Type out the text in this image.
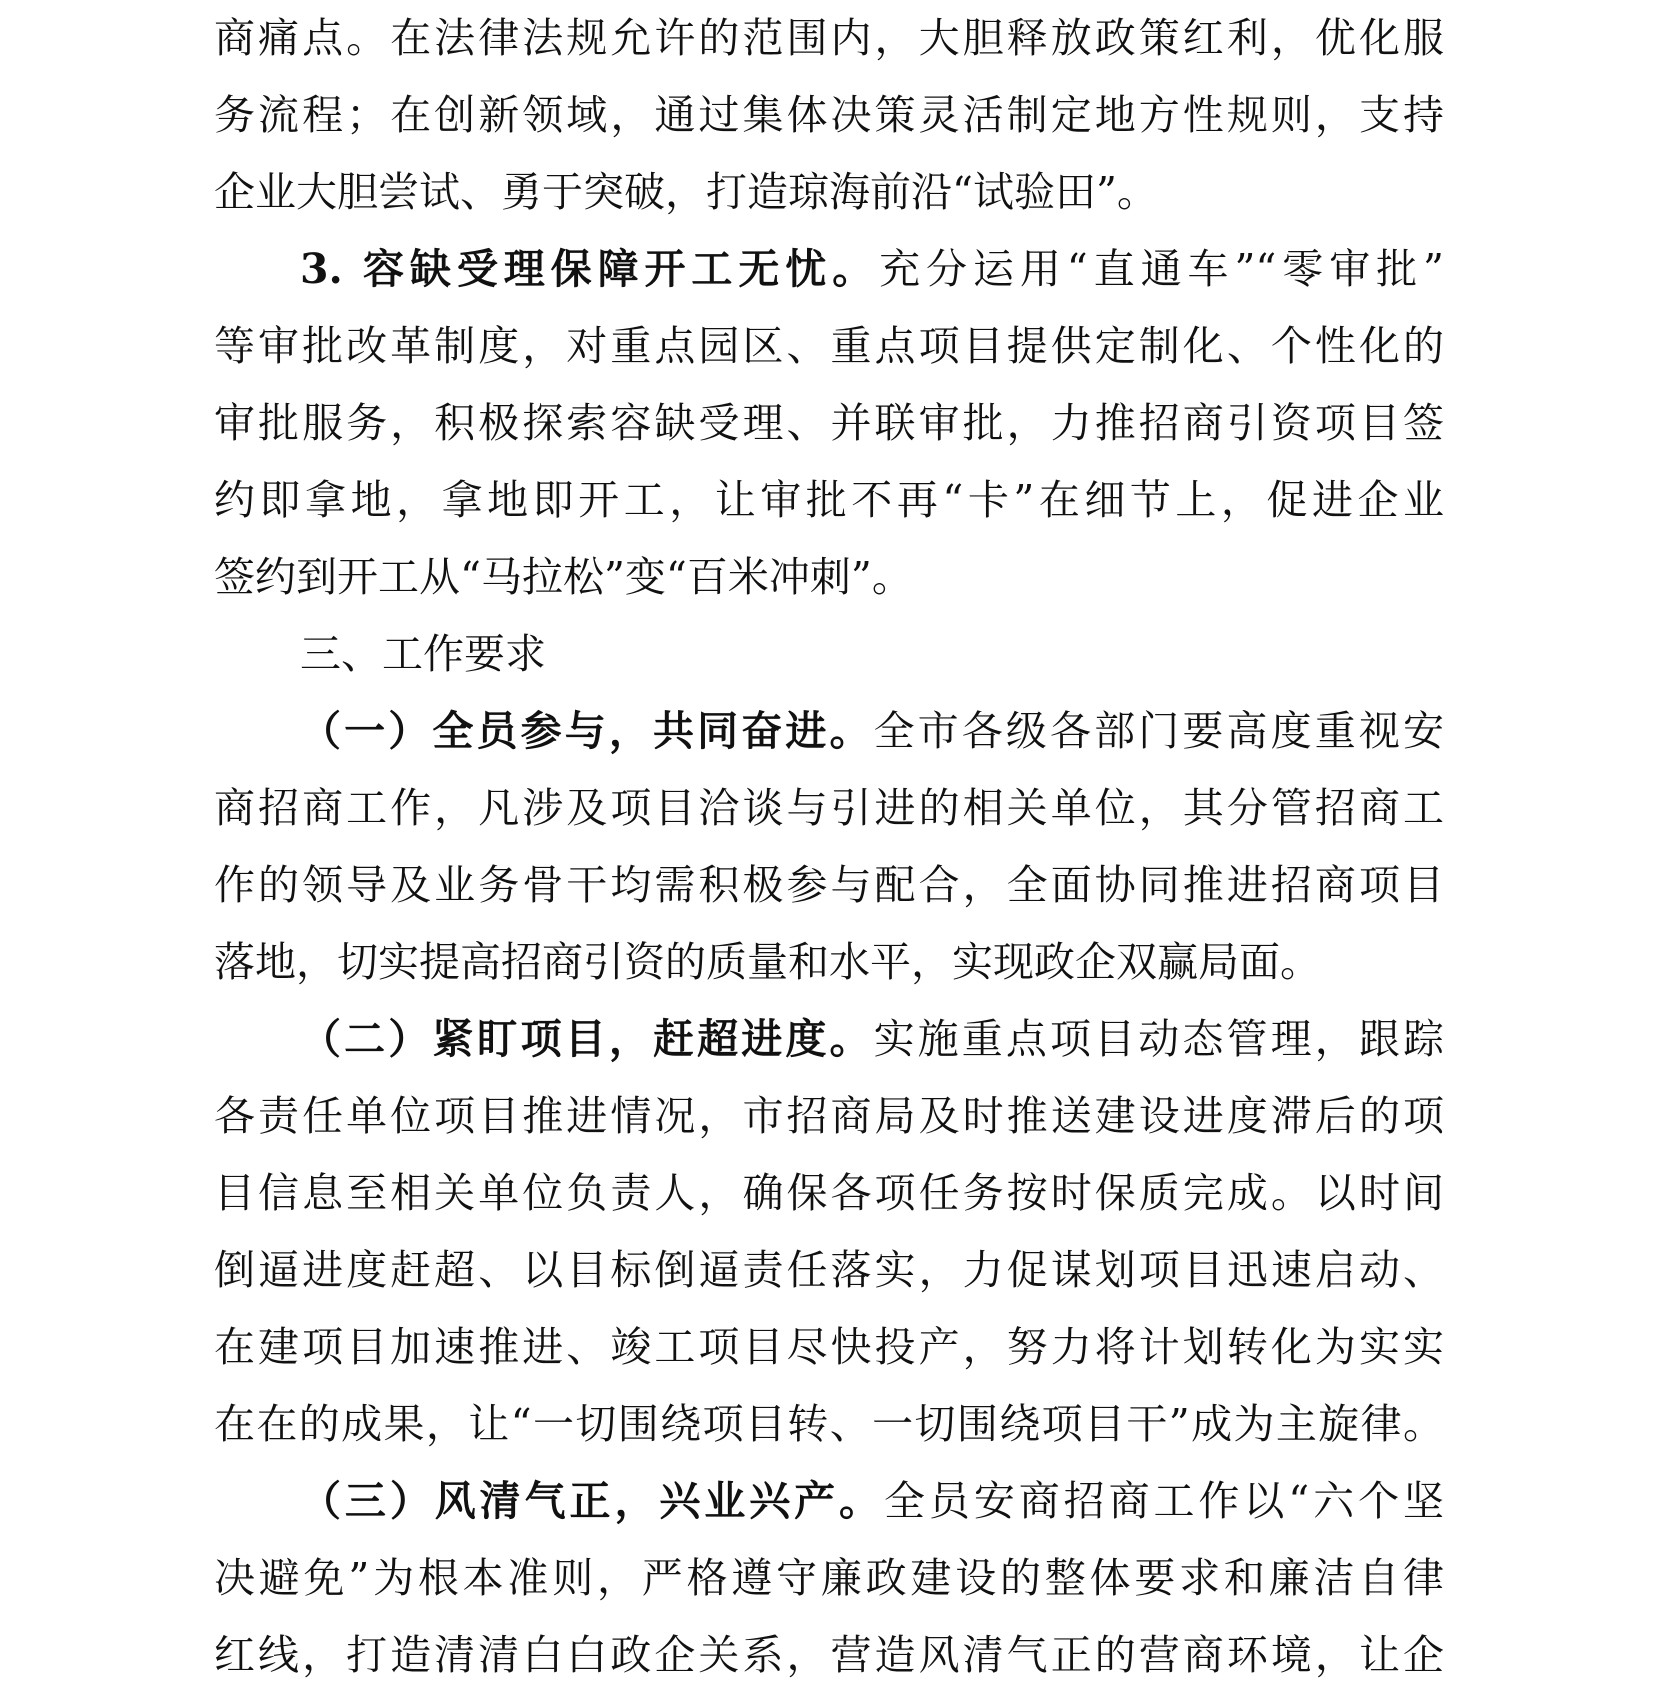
商痛点。在法律法规允许的范围内，大胆释放政策红利，优化服
务流程；在创新领域，通过集体决策灵活制定地方性规则，支持
企业大胆尝试、勇于突破，打造琼海前沿“试验田”。
3. 容缺受理保障开工无忧。充分运用“直通车”“零审批”
等审批改革制度，对重点园区、重点项目提供定制化、个性化的
审批服务，积极探索容缺受理、并联审批，力推招商引资项目签
约即拿地，拿地即开工，让审批不再“卡”在细节上，促进企业
签约到开工从“马拉松”变“百米冲刺”。
三、工作要求
（一）全员参与，共同奋进。全市各级各部门要高度重视安
商招商工作，凡涉及项目洽谈与引进的相关单位，其分管招商工
作的领导及业务骨干均需积极参与配合，全面协同推进招商项目
落地，切实提高招商引资的质量和水平，实现政企双赢局面。
（二）紧盯项目，赶超进度。实施重点项目动态管理，跟踪
各责任单位项目推进情况，市招商局及时推送建设进度滞后的项
目信息至相关单位负责人，确保各项任务按时保质完成。以时间
倒逼进度赶超、以目标倒逼责任落实，力促谋划项目迅速启动、
在建项目加速推进、竣工项目尽快投产，努力将计划转化为实实
在在的成果，让“一切围绕项目转、一切围绕项目干”成为主旋律。
（三）风清气正，兴业兴产。全员安商招商工作以“六个坚
决避免”为根本准则，严格遵守廉政建设的整体要求和廉洁自律
红线，打造清清白白政企关系，营造风清气正的营商环境，让企
